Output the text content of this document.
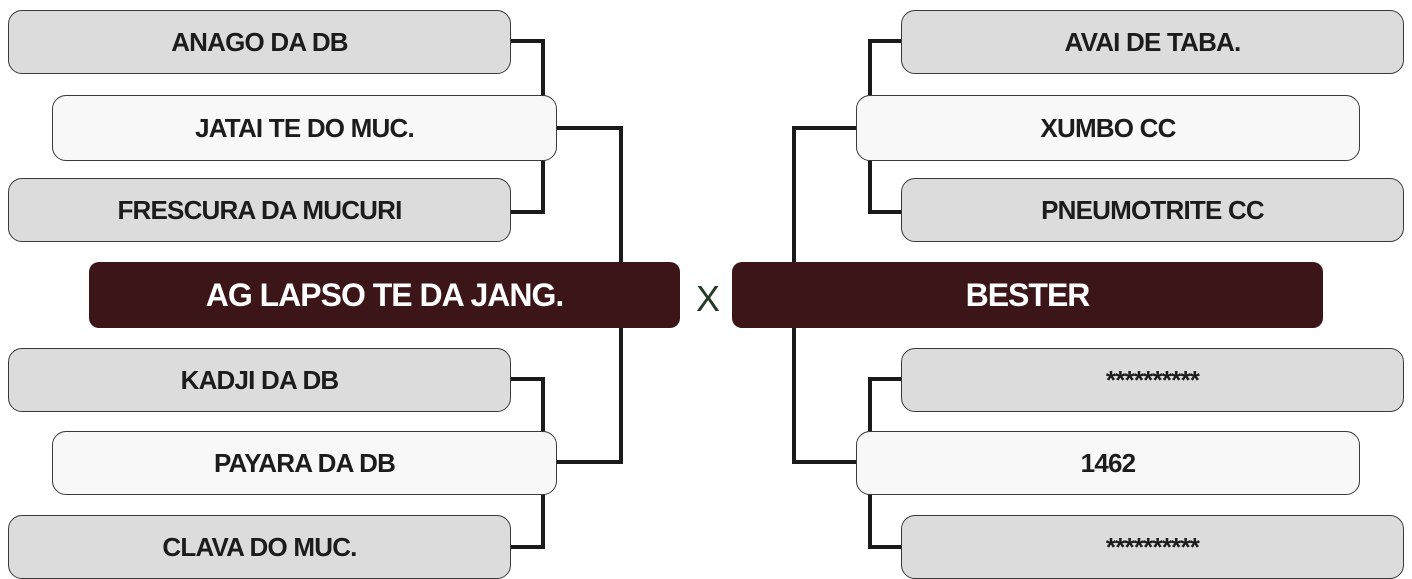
ANAGO DA DB
JATAI TE DO MUC.
FRESCURA DA MUCURI
AG LAPSO TE DA JANG.
KADJI DA DB
PAYARA DA DB
CLAVA DO MUC.
X
AVAI DE TABA.
XUMBO CC
PNEUMOTRITE CC
BESTER
**********
1462
**********
